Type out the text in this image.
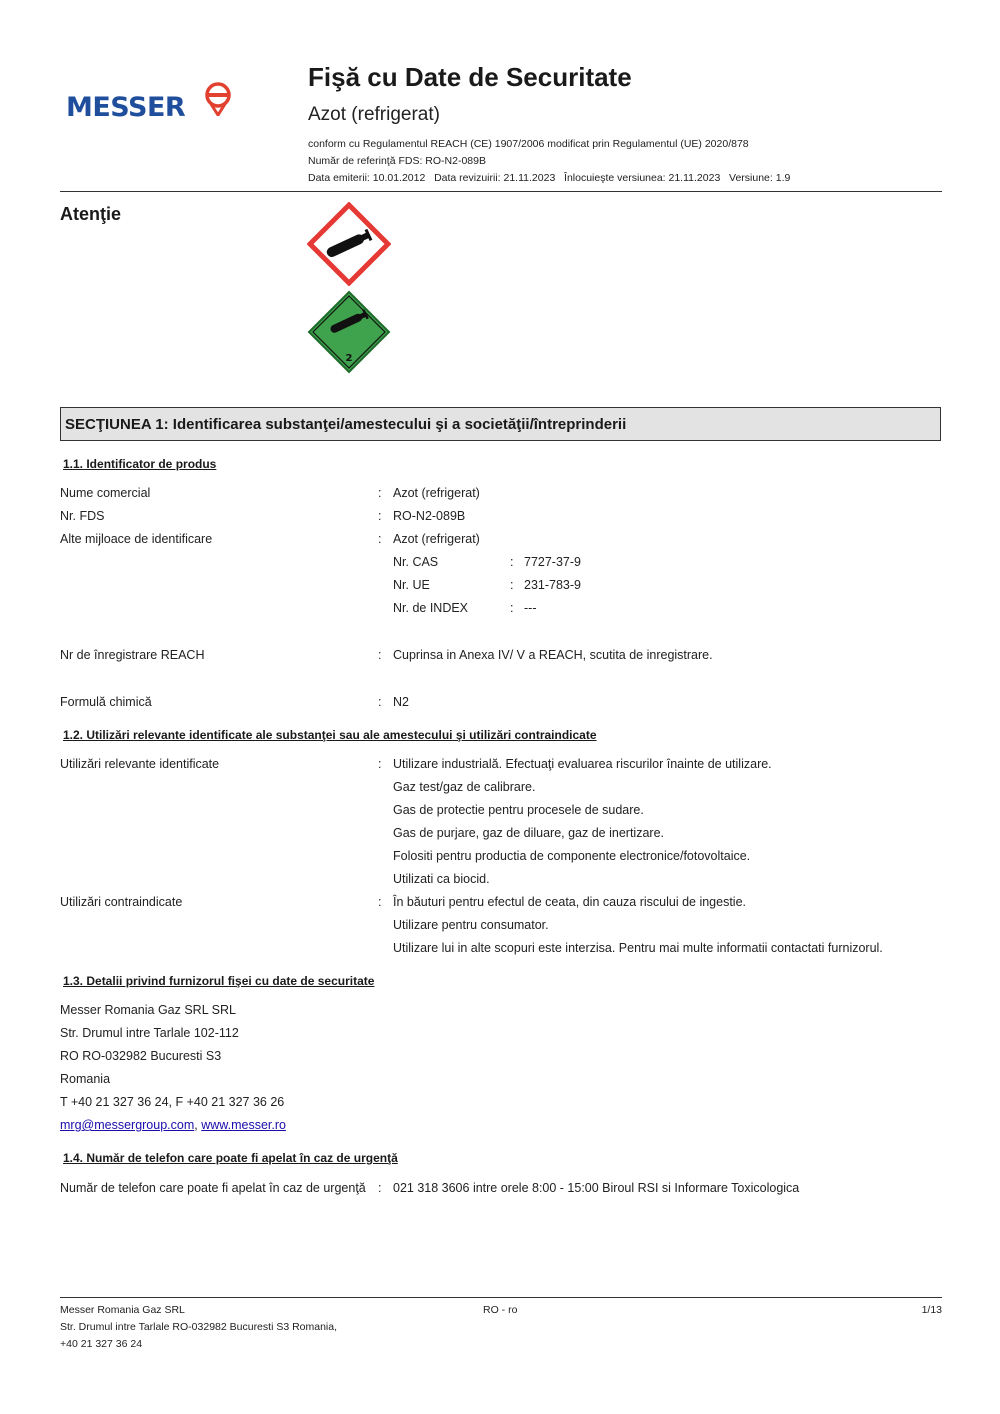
MESSER
Fişă cu Date de Securitate
Azot (refrigerat)
conform cu Regulamentul REACH (CE) 1907/2006 modificat prin Regulamentul (UE) 2020/878
Număr de referinţă FDS: RO-N2-089B
Data emiterii: 10.01.2012   Data revizuirii: 21.11.2023   Înlocuieşte versiunea: 21.11.2023   Versiune: 1.9
Atenţie
2
SECŢIUNEA 1: Identificarea substanţei/amestecului şi a societăţii/întreprinderii
1.1. Identificator de produs
Nume comercial	: Azot (refrigerat)
Nr. FDS	: RO-N2-089B
Alte mijloace de identificare	: Azot (refrigerat)
Nr. CAS	: 7727-37-9
Nr. UE	: 231-783-9
Nr. de INDEX	: ---
Nr de înregistrare REACH	: Cuprinsa in Anexa IV/ V a REACH, scutita de inregistrare.
Formulă chimică	: N2
1.2. Utilizări relevante identificate ale substanţei sau ale amestecului şi utilizări contraindicate
Utilizări relevante identificate	: Utilizare industrială. Efectuaţi evaluarea riscurilor înainte de utilizare.
Gaz test/gaz de calibrare.
Gas de protectie pentru procesele de sudare.
Gas de purjare, gaz de diluare, gaz de inertizare.
Folositi pentru productia de componente electronice/fotovoltaice.
Utilizati ca biocid.
Utilizări contraindicate	: În băuturi pentru efectul de ceata, din cauza riscului de ingestie.
Utilizare pentru consumator.
Utilizare lui in alte scopuri este interzisa. Pentru mai multe informatii contactati furnizorul.
1.3. Detalii privind furnizorul fişei cu date de securitate
Messer Romania Gaz SRL SRL
Str. Drumul intre Tarlale 102-112
RO RO-032982 Bucuresti S3
Romania
T +40 21 327 36 24, F +40 21 327 36 26
mrg@messergroup.com, www.messer.ro
1.4. Număr de telefon care poate fi apelat în caz de urgenţă
Număr de telefon care poate fi apelat în caz de urgenţă : 021 318 3606 intre orele 8:00 - 15:00 Biroul RSI si Informare Toxicologica
Messer Romania Gaz SRL
Str. Drumul intre Tarlale RO-032982 Bucuresti S3 Romania,
+40 21 327 36 24
RO - ro	1/13
